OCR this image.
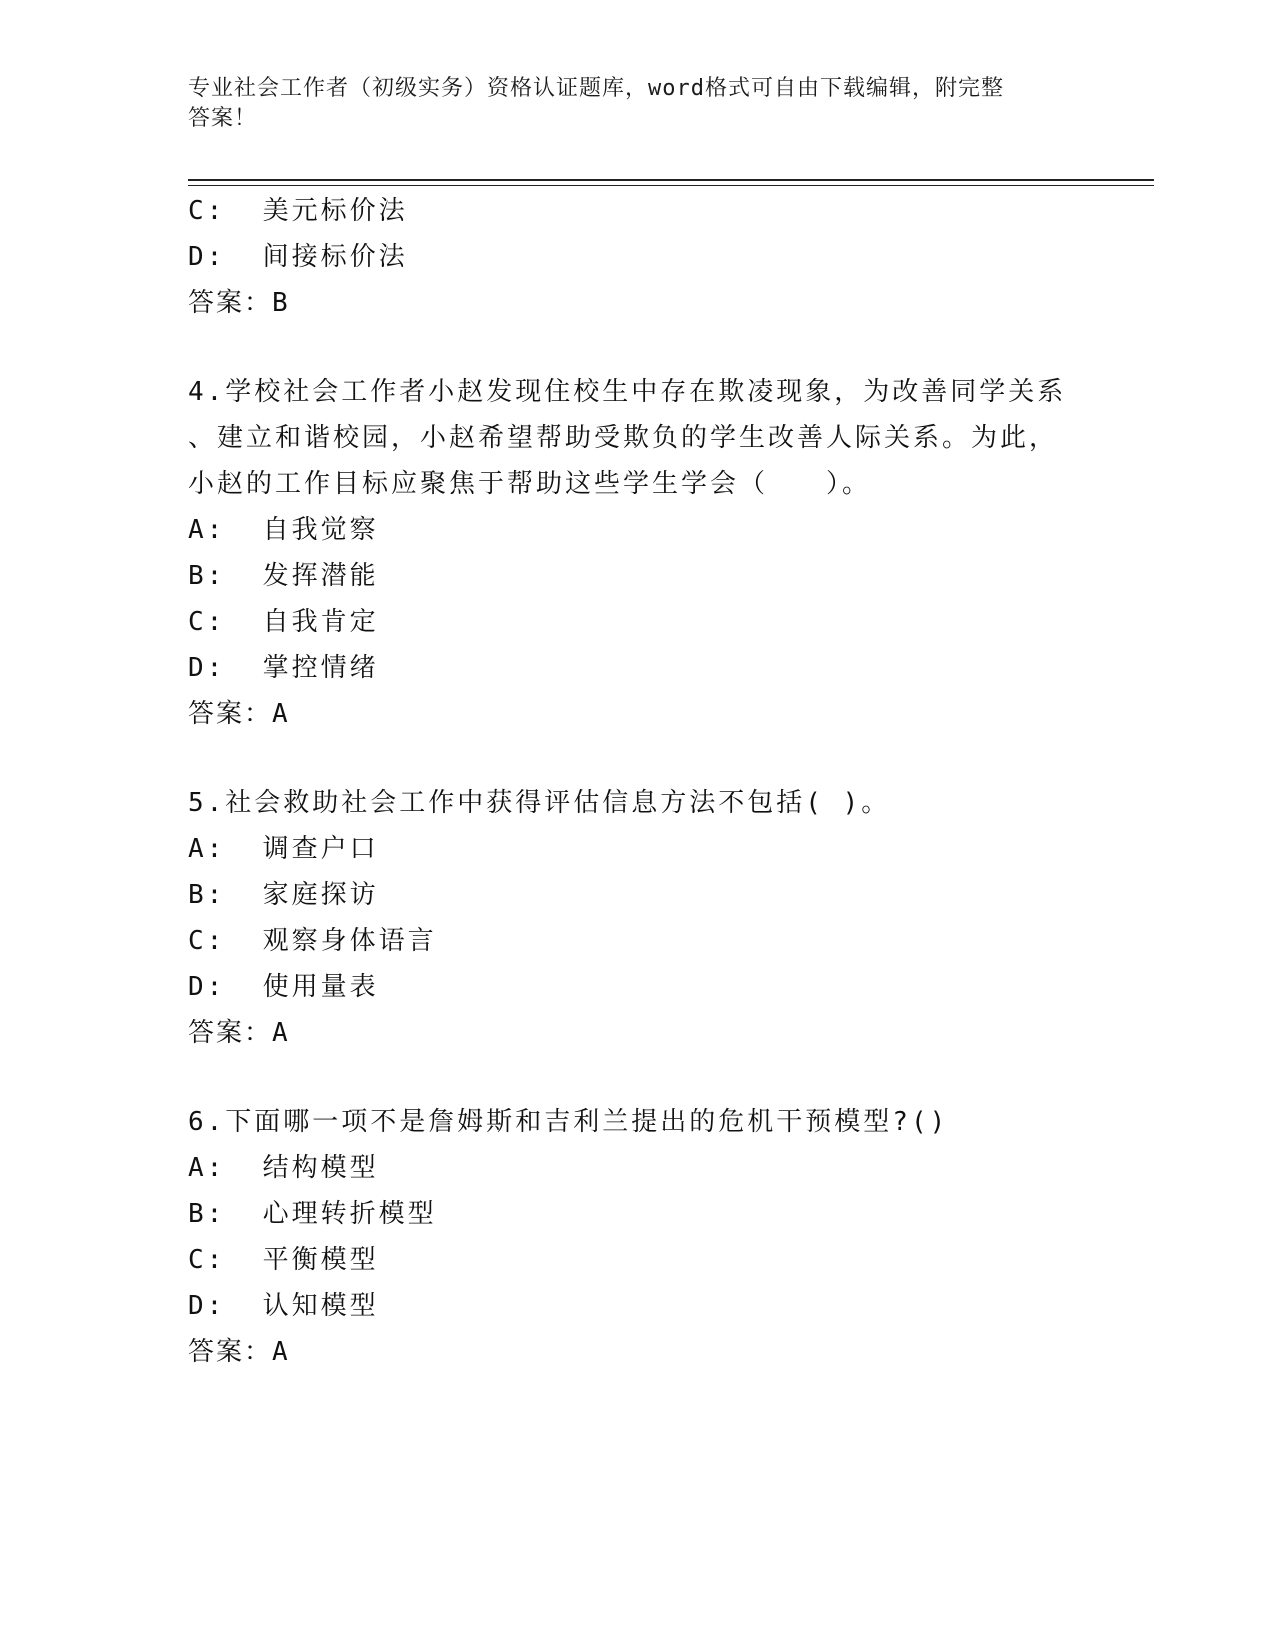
专业社会工作者（初级实务）资格认证题库，word格式可自由下载编辑，附完整
答案！
C:  美元标价法
D:  间接标价法
答案：B
4.学校社会工作者小赵发现住校生中存在欺凌现象，为改善同学关系
、建立和谐校园，小赵希望帮助受欺负的学生改善人际关系。为此，
小赵的工作目标应聚焦于帮助这些学生学会（　　）。
A:  自我觉察
B:  发挥潜能
C:  自我肯定
D:  掌控情绪
答案：A
5.社会救助社会工作中获得评估信息方法不包括( )。
A:  调查户口
B:  家庭探访
C:  观察身体语言
D:  使用量表
答案：A
6.下面哪一项不是詹姆斯和吉利兰提出的危机干预模型?()
A:  结构模型
B:  心理转折模型
C:  平衡模型
D:  认知模型
答案：A
